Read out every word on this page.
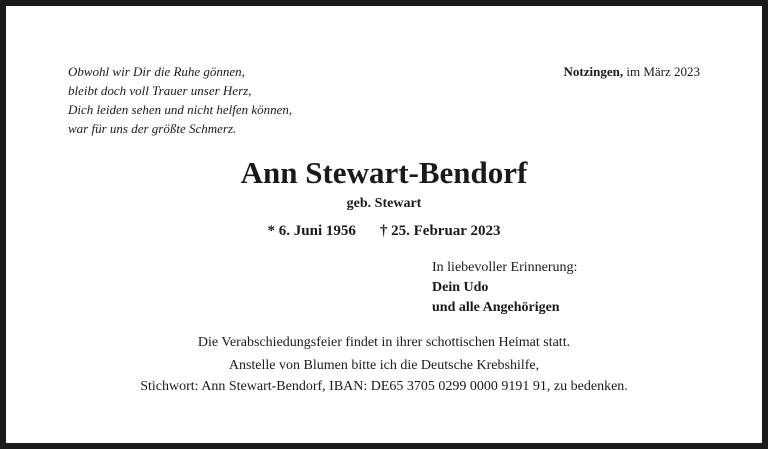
Obwohl wir Dir die Ruhe gönnen,
bleibt doch voll Trauer unser Herz,
Dich leiden sehen und nicht helfen können,
war für uns der größte Schmerz.
Notzingen, im März 2023
Ann Stewart-Bendorf
geb. Stewart
* 6. Juni 1956 † 25. Februar 2023
In liebevoller Erinnerung:
Dein Udo
und alle Angehörigen
Die Verabschiedungsfeier findet in ihrer schottischen Heimat statt.
Anstelle von Blumen bitte ich die Deutsche Krebshilfe,
Stichwort: Ann Stewart-Bendorf, IBAN: DE65 3705 0299 0000 9191 91, zu bedenken.
